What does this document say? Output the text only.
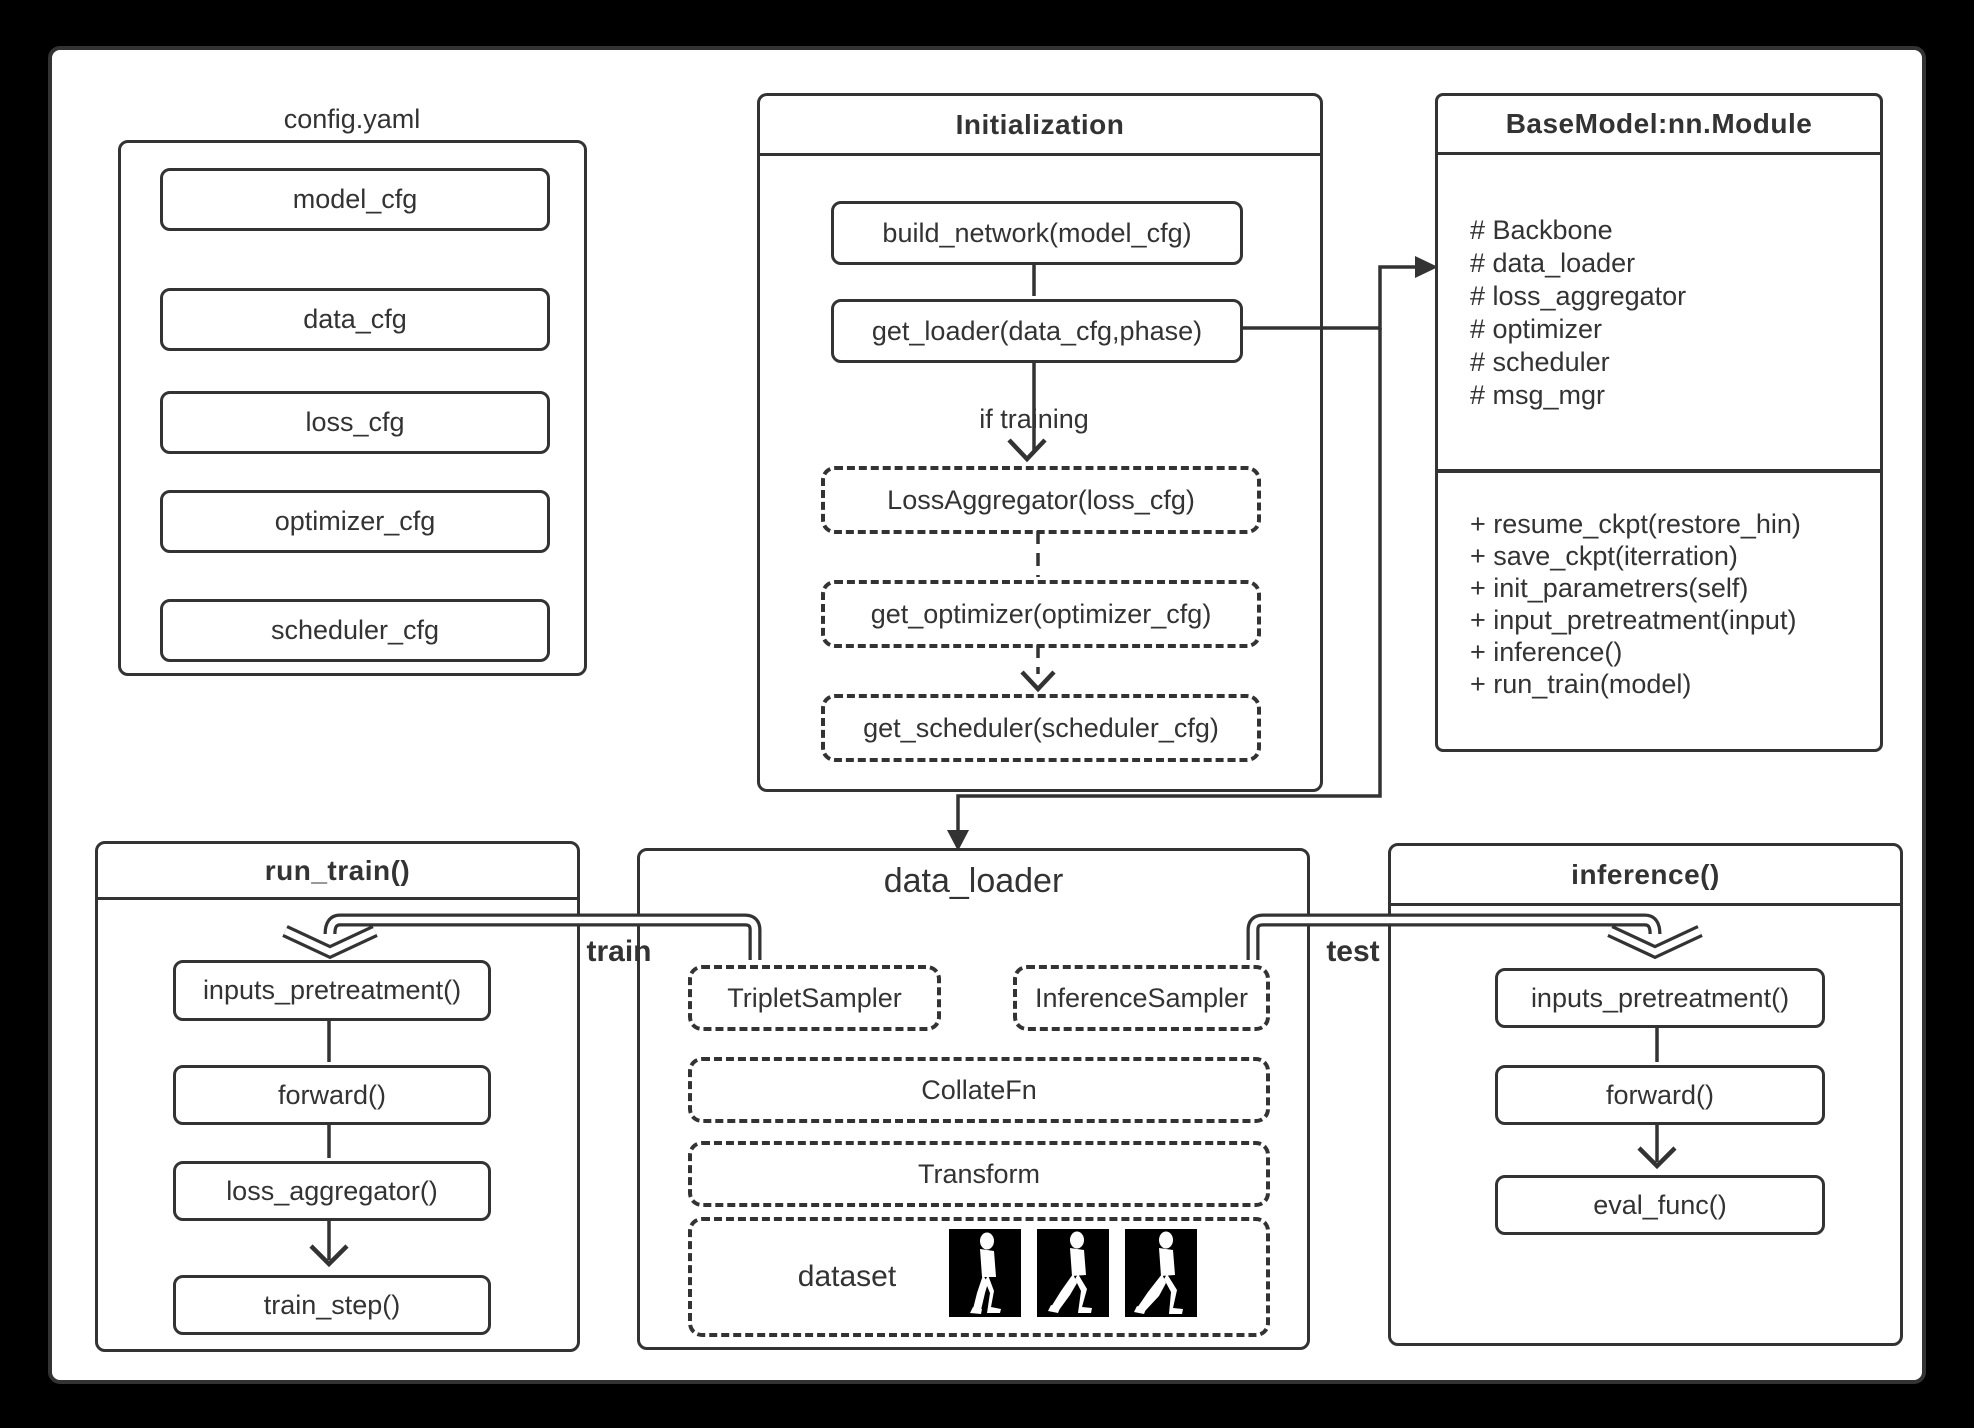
config.yaml
model_cfg
data_cfg
loss_cfg
optimizer_cfg
scheduler_cfg
Initialization
build_network(model_cfg)
get_loader(data_cfg,phase)
LossAggregator(loss_cfg)
get_optimizer(optimizer_cfg)
get_scheduler(scheduler_cfg)
if training
BaseModel:nn.Module
# Backbone
# data_loader
# loss_aggregator
# optimizer
# scheduler
# msg_mgr
+ resume_ckpt(restore_hin)
+ save_ckpt(iterration)
+ init_parametrers(self)
+ input_pretreatment(input)
+ inference()
+ run_train(model)
run_train()
inputs_pretreatment()
forward()
loss_aggregator()
train_step()
data_loader
TripletSampler	InferenceSampler
CollateFn
Transform
dataset
inference()
inputs_pretreatment()
forward()
eval_func()
train	test
